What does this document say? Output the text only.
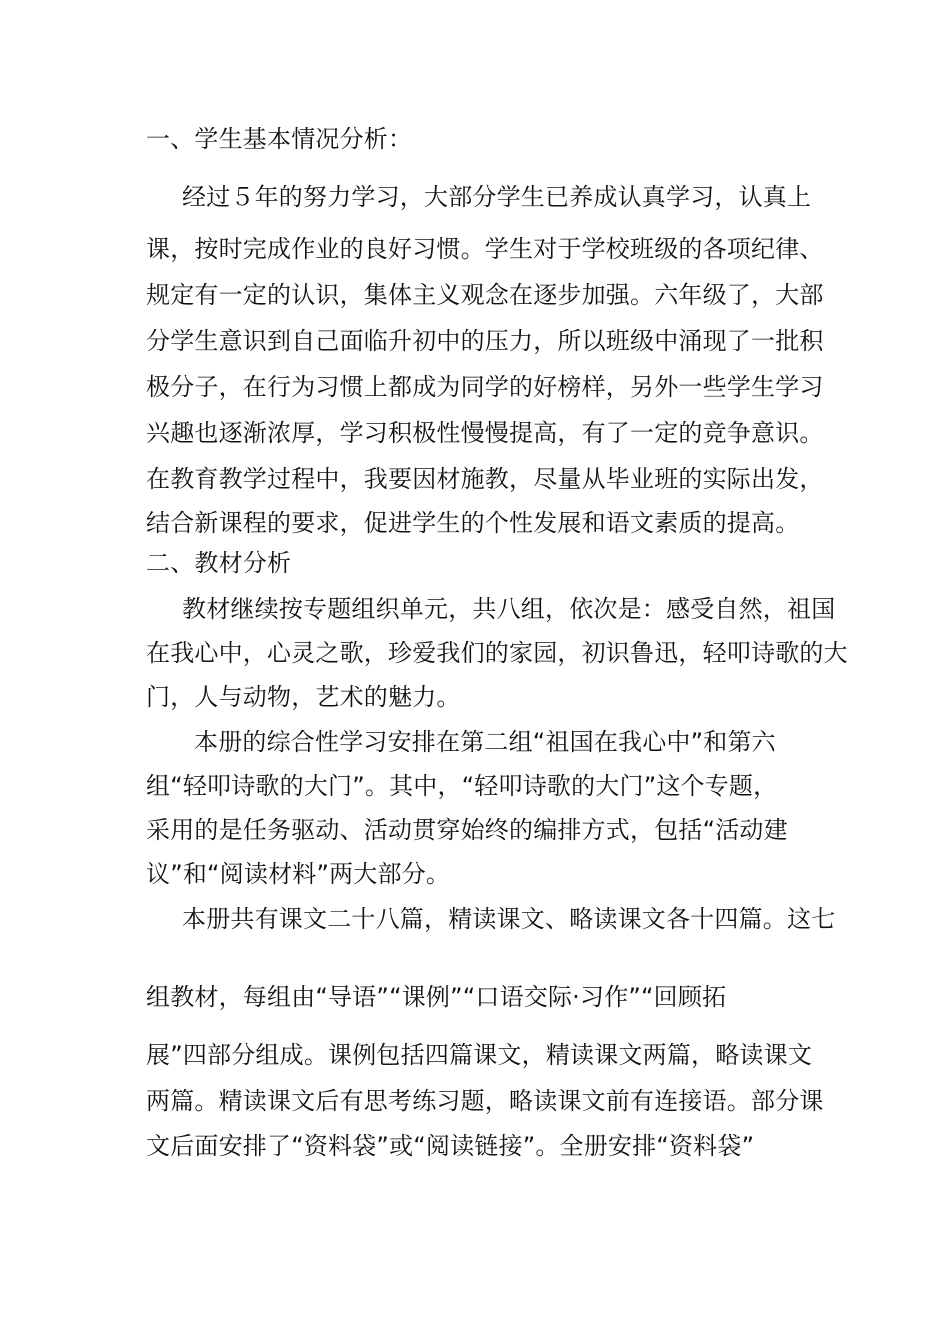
一、学生基本情况分析：
经过５年的努力学习，大部分学生已养成认真学习，认真上
课，按时完成作业的良好习惯。学生对于学校班级的各项纪律、
规定有一定的认识，集体主义观念在逐步加强。六年级了，大部
分学生意识到自己面临升初中的压力，所以班级中涌现了一批积
极分子，在行为习惯上都成为同学的好榜样，另外一些学生学习
兴趣也逐渐浓厚，学习积极性慢慢提高，有了一定的竞争意识。
在教育教学过程中，我要因材施教，尽量从毕业班的实际出发，
结合新课程的要求，促进学生的个性发展和语文素质的提高。
二、教材分析
教材继续按专题组织单元，共八组，依次是：感受自然，祖国
在我心中，心灵之歌，珍爱我们的家园，初识鲁迅，轻叩诗歌的大
门，人与动物，艺术的魅力。
本册的综合性学习安排在第二组“祖国在我心中”和第六
组“轻叩诗歌的大门”。其中，“轻叩诗歌的大门”这个专题，
采用的是任务驱动、活动贯穿始终的编排方式，包括“活动建
议”和“阅读材料”两大部分。
本册共有课文二十八篇，精读课文、略读课文各十四篇。这七
组教材，每组由“导语”“课例”“口语交际·习作”“回顾拓
展”四部分组成。课例包括四篇课文，精读课文两篇，略读课文
两篇。精读课文后有思考练习题，略读课文前有连接语。部分课
文后面安排了“资料袋”或“阅读链接”。全册安排“资料袋”
